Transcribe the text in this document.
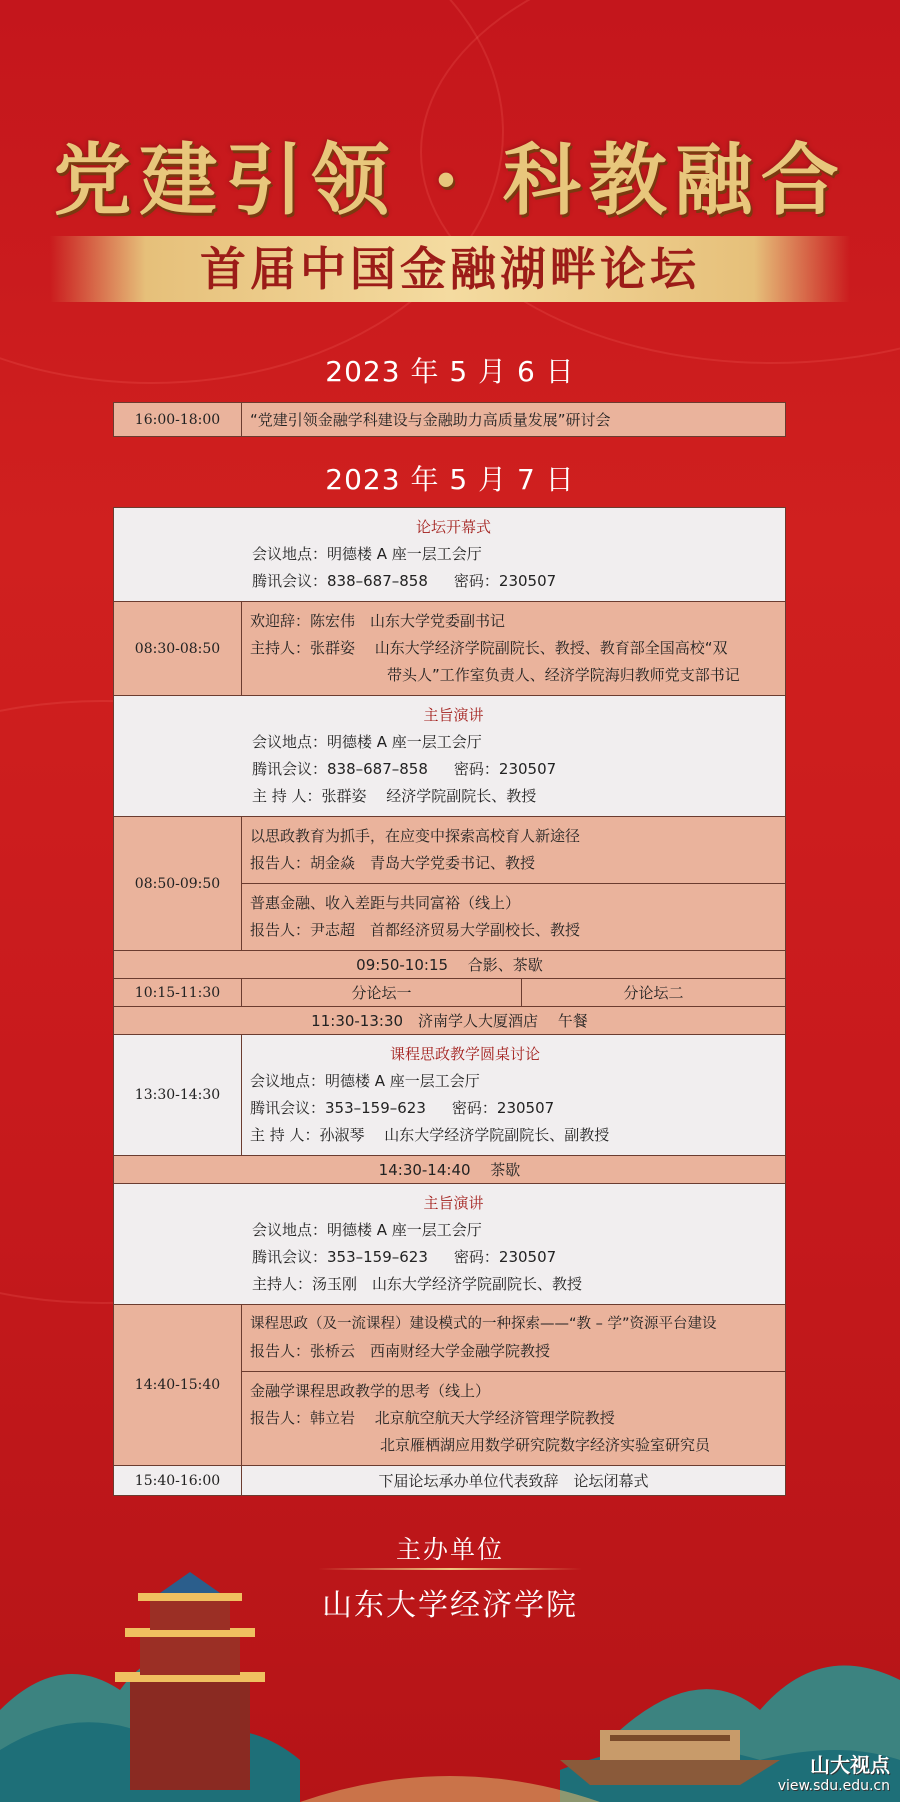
党建引领 · 科教融合
首届中国金融湖畔论坛
2023 年 5 月 6 日
16:00-18:00	“党建引领金融学科建设与金融助力高质量发展”研讨会
2023 年 5 月 7 日
论坛开幕式
会议地点：明德楼 A 座一层工会厅
腾讯会议：838–687–858 密码：230507		

08:30-08:50	欢迎辞：陈宏伟　山东大学党委副书记
主持人：张群姿　 山东大学经济学院副院长、教授、教育部全国高校“双
带头人”工作室负责人、经济学院海归教师党支部书记	

主旨演讲
会议地点：明德楼 A 座一层工会厅
腾讯会议：838–687–858 密码：230507
主 持 人：张群姿　 经济学院副院长、教授		

08:50-09:50	以思政教育为抓手，在应变中探索高校育人新途径
报告人：胡金焱　青岛大学党委书记、教授	

	普惠金融、收入差距与共同富裕（线上）
报告人：尹志超　首都经济贸易大学副校长、教授	

09:50-10:15　 合影、茶歇		
10:15-11:30	分论坛一	分论坛二
11:30-13:30　济南学人大厦酒店　 午餐		
13:30-14:30	课程思政教学圆桌讨论
会议地点：明德楼 A 座一层工会厅
腾讯会议：353–159–623 密码：230507
主 持 人：孙淑琴　 山东大学经济学院副院长、副教授	

14:30-14:40　 茶歇		

主旨演讲
会议地点：明德楼 A 座一层工会厅
腾讯会议：353–159–623 密码：230507
主持人：汤玉刚　山东大学经济学院副院长、教授		

14:40-15:40	课程思政（及一流课程）建设模式的一种探索——“教 – 学”资源平台建设
报告人：张桥云　西南财经大学金融学院教授	

	金融学课程思政教学的思考（线上）
报告人：韩立岩　 北京航空航天大学经济管理学院教授
北京雁栖湖应用数学研究院数字经济实验室研究员	

15:40-16:00	下届论坛承办单位代表致辞　论坛闭幕式	
主办单位
山东大学经济学院
山大视点
view.sdu.edu.cn
